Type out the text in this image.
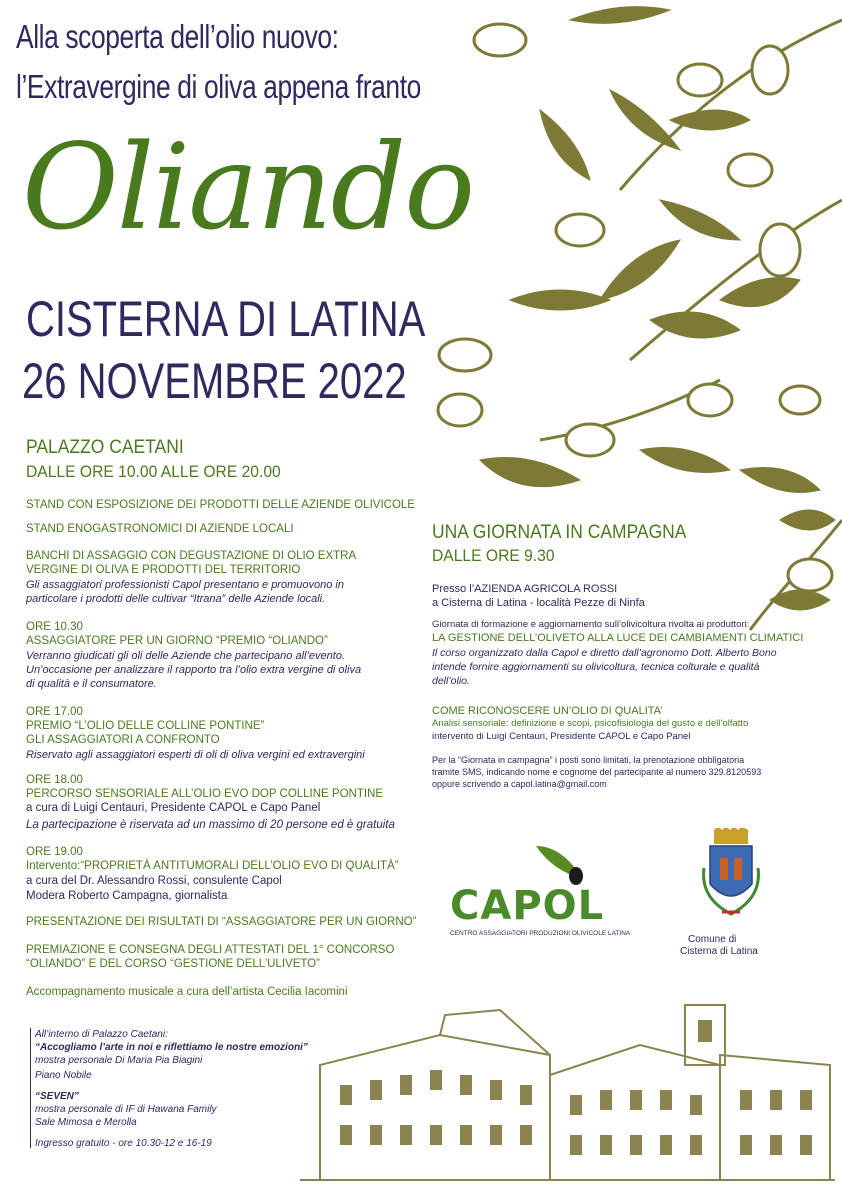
Alla scoperta dell’olio nuovo:
l’Extravergine di oliva appena franto
Oliando
CISTERNA DI LATINA
26 NOVEMBRE 2022
PALAZZO CAETANI
DALLE ORE 10.00 ALLE ORE 20.00
STAND CON ESPOSIZIONE DEI PRODOTTI DELLE AZIENDE OLIVICOLE
STAND ENOGASTRONOMICI DI AZIENDE LOCALI
BANCHI DI ASSAGGIO CON DEGUSTAZIONE DI OLIO EXTRA
VERGINE DI OLIVA E PRODOTTI DEL TERRITORIO
Gli assaggiatori professionisti Capol presentano e promuovono in
particolare i prodotti delle cultivar “Itrana” delle Aziende locali.
ORE 10.30
ASSAGGIATORE PER UN GIORNO “PREMIO “OLIANDO”
Verranno giudicati gli oli delle Aziende che partecipano all’evento.
Un’occasione per analizzare il rapporto tra l’olio extra vergine di oliva
di qualità e il consumatore.
ORE 17.00
PREMIO “L’OLIO DELLE COLLINE PONTINE”
GLI ASSAGGIATORI A CONFRONTO
Riservato agli assaggiatori esperti di oli di oliva vergini ed extravergini
ORE 18.00
PERCORSO SENSORIALE ALL’OLIO EVO DOP COLLINE PONTINE
a cura di Luigi Centauri, Presidente CAPOL e Capo Panel
La partecipazione è riservata ad un massimo di 20 persone ed è gratuita
ORE 19.00
Intervento:“PROPRIETÀ ANTITUMORALI DELL’OLIO EVO DI QUALITÀ”
a cura del Dr. Alessandro Rossi, consulente Capol
Modera Roberto Campagna, giornalista
PRESENTAZIONE DEI RISULTATI DI “ASSAGGIATORE PER UN GIORNO”
PREMIAZIONE E CONSEGNA DEGLI ATTESTATI DEL 1° CONCORSO
“OLIANDO” E DEL CORSO “GESTIONE DELL’ULIVETO”
Accompagnamento musicale a cura dell’artista Cecilia Iacomini
UNA GIORNATA IN CAMPAGNA
DALLE ORE 9.30
Presso l’AZIENDA AGRICOLA ROSSI
a Cisterna di Latina - località Pezze di Ninfa
Giornata di formazione e aggiornamento sull’olivicoltura rivolta ai produttori:
LA GESTIONE DELL’OLIVETO ALLA LUCE DEI CAMBIAMENTI CLIMATICI
Il corso organizzato dalla Capol e diretto dall’agronomo Dott. Alberto Bono
intende fornire aggiornamenti su olivicoltura, tecnica colturale e qualità
dell’olio.
COME RICONOSCERE UN’OLIO DI QUALITA’
Analisi sensoriale: definizione e scopi, psicofisiologia del gusto e dell’olfatto
intervento di Luigi Centauri, Presidente CAPOL e Capo Panel
Per la “Giornata in campagna” i posti sono limitati, la prenotazione obbligatoria
tramite SMS, indicando nome e cognome del partecipante al numero 329.8120593
oppure scrivendo a capol.latina@gmail.com
CAPOL
CENTRO ASSAGGIATORI PRODUZIONI OLIVICOLE LATINA
Comune di
Cisterna di Latina
All’interno di Palazzo Caetani:
“Accogliamo l’arte in noi e riflettiamo le nostre emozioni”
mostra personale Di Maria Pia Biagini
Piano Nobile
“SEVEN”
mostra personale di IF di Hawana Family
Sale Mimosa e Merolla
Ingresso gratuito - ore 10.30-12 e 16-19
